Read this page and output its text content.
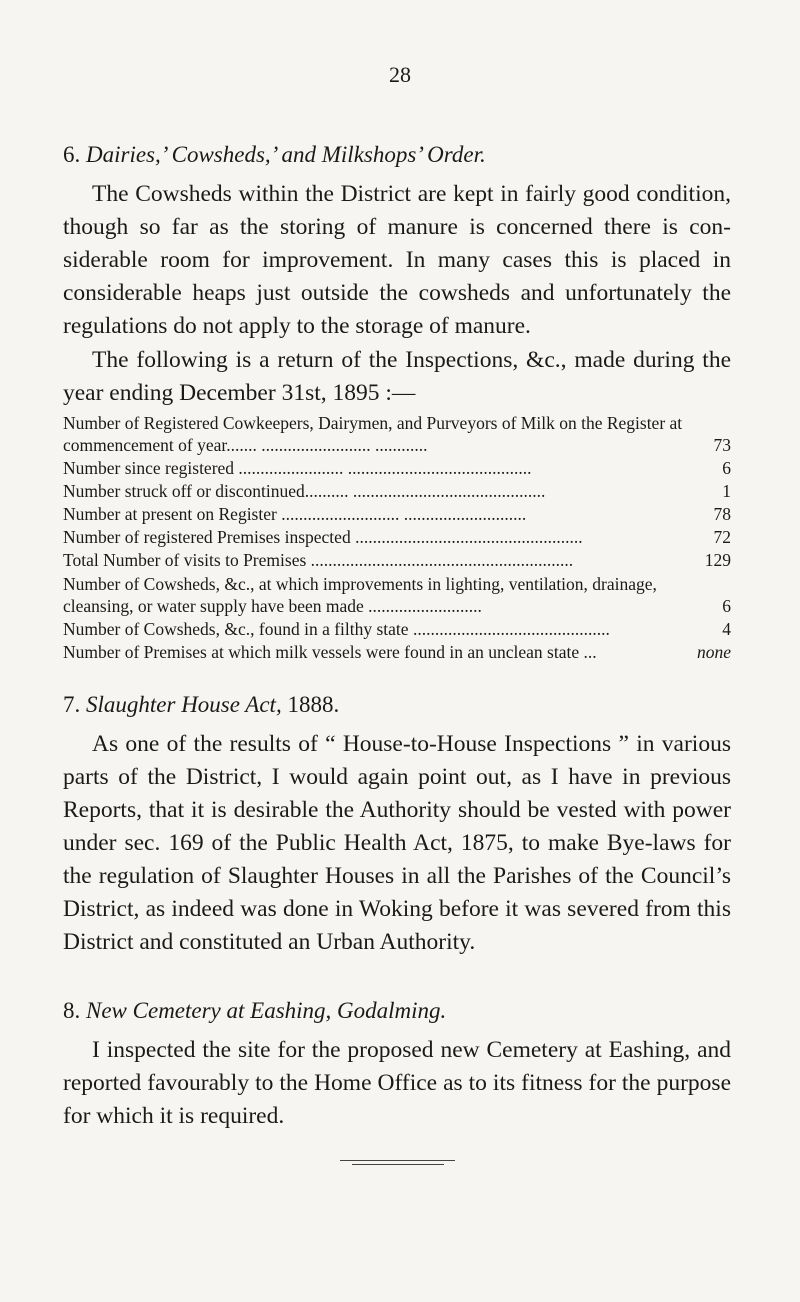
28
6. Dairies,’ Cowsheds,’ and Milkshops’ Order.

The Cowsheds within the District are kept in fairly good condition, though so far as the storing of manure is concerned there is considerable room for improvement. In many cases this is placed in considerable heaps just outside the cowsheds and unfortunately the regulations do not apply to the storage of manure.

The following is a return of the Inspections, &c., made during the year ending December 31st, 1895 :—

Number of Registered Cowkeepers, Dairymen, and Purveyors of Milk on the Register at commencement of year....... ......................... ............	73
Number since registered ........................ ..........................................	6
Number struck off or discontinued.......... ............................................	1
Number at present on Register ........................... ............................	78
Number of registered Premises inspected ....................................................	72
Total Number of visits to Premises ............................................................	129
Number of Cowsheds, &c., at which improvements in lighting, ventilation, drainage, cleansing, or water supply have been made ..........................	6
Number of Cowsheds, &c., found in a filthy state .............................................	4
Number of Premises at which milk vessels were found in an unclean state ...	none
7. Slaughter House Act, 1888.

As one of the results of “ House-to-House Inspections ” in various parts of the District, I would again point out, as I have in previous Reports, that it is desirable the Authority should be vested with power under sec. 169 of the Public Health Act, 1875, to make Bye-laws for the regulation of Slaughter Houses in all the Parishes of the Council’s District, as indeed was done in Woking before it was severed from this District and constituted an Urban Authority.

8. New Cemetery at Eashing, Godalming.

I inspected the site for the proposed new Cemetery at Eashing, and reported favourably to the Home Office as to its fitness for the purpose for which it is required.
